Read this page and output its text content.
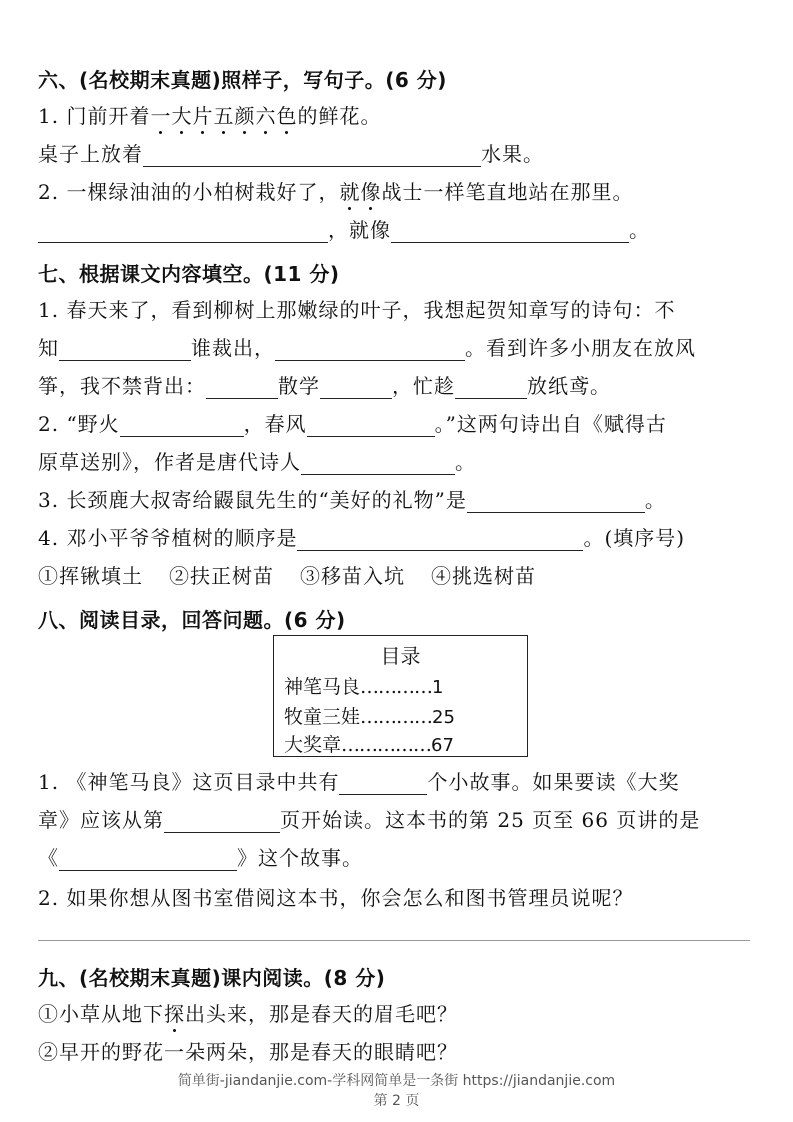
六、(名校期末真题)照样子，写句子。(6 分)
1. 门前开着一大片五颜六色的鲜花。
桌子上放着	水果。
2. 一棵绿油油的小柏树栽好了，就像战士一样笔直地站在那里。
，就像	。
七、根据课文内容填空。(11 分)
1. 春天来了，看到柳树上那嫩绿的叶子，我想起贺知章写的诗句：不
知	谁裁出，	。看到许多小朋友在放风
筝，我不禁背出：	散学	，忙趁	放纸鸢。
2. “野火	，春风	。”这两句诗出自《赋得古
原草送别》，作者是唐代诗人	。
3. 长颈鹿大叔寄给鼹鼠先生的“美好的礼物”是	。
4. 邓小平爷爷植树的顺序是	。(填序号)
①挥锹填土 ②扶正树苗 ③移苗入坑 ④挑选树苗
八、阅读目录，回答问题。(6 分)
目录
神笔马良…………1
牧童三娃…………25
大奖章……………67
1. 《神笔马良》这页目录中共有	个小故事。如果要读《大奖
章》应该从第	页开始读。这本书的第 25 页至 66 页讲的是
《	》这个故事。
2. 如果你想从图书室借阅这本书，你会怎么和图书管理员说呢？
九、(名校期末真题)课内阅读。(8 分)
①小草从地下探出头来，那是春天的眉毛吧？
②早开的野花一朵两朵，那是春天的眼睛吧？
简单街-jiandanjie.com-学科网简单是一条街 https://jiandanjie.com
第 2 页
